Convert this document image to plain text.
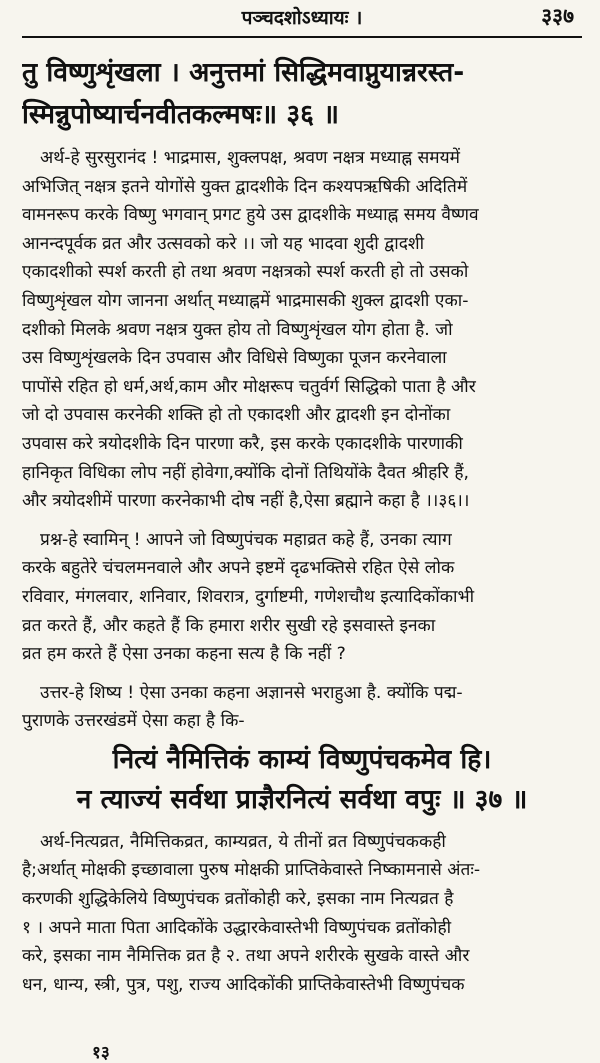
पञ्चदशोऽध्यायः ।	३३७
तु विष्णुशृंखला । अनुत्तमां सिद्धिमवाप्नुयान्नरस्त-
स्मिन्नुपोष्यार्चनवीतकल्मषः॥ ३६ ॥
अर्थ-हे सुरसुरानंद ! भाद्रमास, शुक्लपक्ष, श्रवण नक्षत्र मध्याह्न समयमें
अभिजित् नक्षत्र इतने योगोंसे युक्त द्वादशीके दिन कश्यपऋषिकी अदितिमें
वामनरूप करके विष्णु भगवान् प्रगट हुये उस द्वादशीके मध्याह्न समय वैष्णव
आनन्दपूर्वक व्रत और उत्सवको करे ।। जो यह भादवा शुदी द्वादशी
एकादशीको स्पर्श करती हो तथा श्रवण नक्षत्रको स्पर्श करती हो तो उसको
विष्णुशृंखल योग जानना अर्थात् मध्याह्नमें भाद्रमासकी शुक्ल द्वादशी एका-
दशीको मिलके श्रवण नक्षत्र युक्त होय तो विष्णुशृंखल योग होता है. जो
उस विष्णुशृंखलके दिन उपवास और विधिसे विष्णुका पूजन करनेवाला
पापोंसे रहित हो धर्म,अर्थ,काम और मोक्षरूप चतुर्वर्ग सिद्धिको पाता है और
जो दो उपवास करनेकी शक्ति हो तो एकादशी और द्वादशी इन दोनोंका
उपवास करे त्रयोदशीके दिन पारणा करै, इस करके एकादशीके पारणाकी
हानिकृत विधिका लोप नहीं होवेगा,क्योंकि दोनों तिथियोंके दैवत श्रीहरि हैं,
और त्रयोदशीमें पारणा करनेकाभी दोष नहीं है,ऐसा ब्रह्माने कहा है ।।३६।।
प्रश्न-हे स्वामिन् ! आपने जो विष्णुपंचक महाव्रत कहे हैं, उनका त्याग
करके बहुतेरे चंचलमनवाले और अपने इष्टमें दृढभक्तिसे रहित ऐसे लोक
रविवार, मंगलवार, शनिवार, शिवरात्र, दुर्गाष्टमी, गणेशचौथ इत्यादिकोंकाभी
व्रत करते हैं, और कहते हैं कि हमारा शरीर सुखी रहे इसवास्ते इनका
व्रत हम करते हैं ऐसा उनका कहना सत्य है कि नहीं ?
उत्तर-हे शिष्य ! ऐसा उनका कहना अज्ञानसे भराहुआ है. क्योंकि पद्म-
पुराणके उत्तरखंडमें ऐसा कहा है कि-
नित्यं नैमित्तिकं काम्यं विष्णुपंचकमेव हि।
न त्याज्यं सर्वथा प्राज्ञैरनित्यं सर्वथा वपुः ॥ ३७ ॥
अर्थ-नित्यव्रत, नैमित्तिकव्रत, काम्यव्रत, ये तीनों व्रत विष्णुपंचककही
है;अर्थात् मोक्षकी इच्छावाला पुरुष मोक्षकी प्राप्तिकेवास्ते निष्कामनासे अंतः-
करणकी शुद्धिकेलिये विष्णुपंचक व्रतोंकोही करे, इसका नाम नित्यव्रत है
१ । अपने माता पिता आदिकोंके उद्धारकेवास्तेभी विष्णुपंचक व्रतोंकोही
करे, इसका नाम नैमित्तिक व्रत है २. तथा अपने शरीरके सुखके वास्ते और
धन, धान्य, स्त्री, पुत्र, पशु, राज्य आदिकोंकी प्राप्तिकेवास्तेभी विष्णुपंचक
१३
